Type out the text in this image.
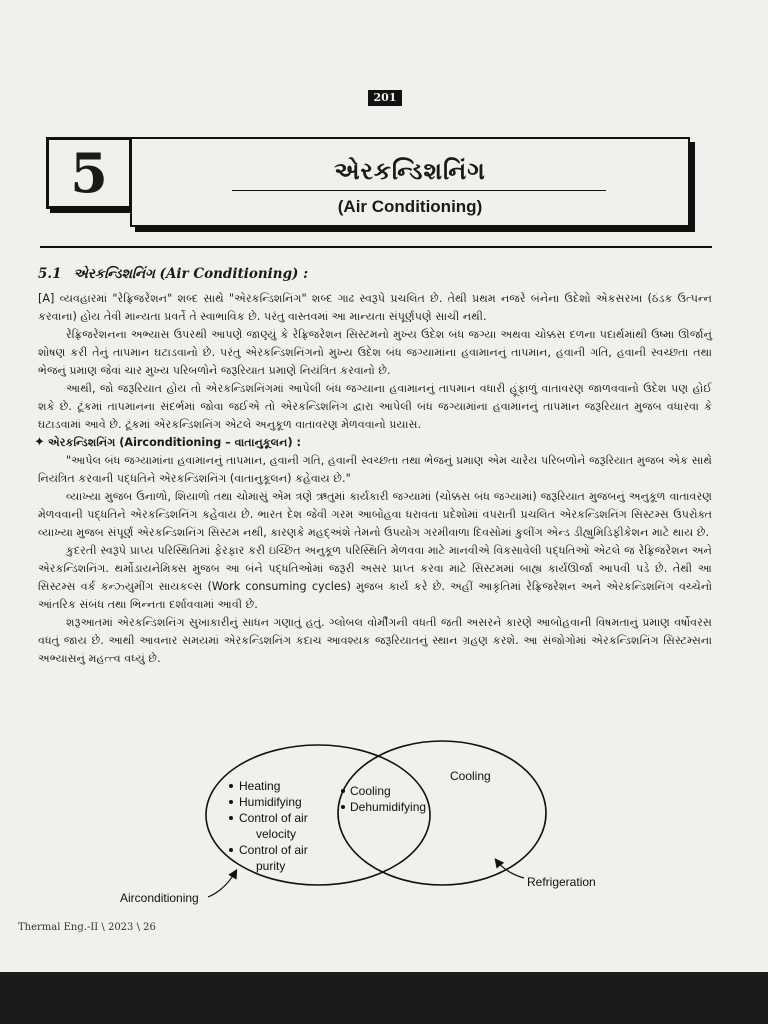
201
5	એરકન્ડિશનિંગ
(Air Conditioning)
5.1 એરકન્ડિશનિંગ (Air Conditioning) :

[A] વ્યવહારમાં "રેફ્રિજરેશન" શબ્દ સાથે "એરકન્ડિશનિંગ" શબ્દ ગાઢ સ્વરૂપે પ્રચલિત છે. તેથી પ્રથમ નજરે બંનેના ઉદેશો એકસરખા (ઠંડક ઉત્પન્ન કરવાના) હોય તેવી માન્યતા પ્રવર્તે તે સ્વાભાવિક છે. પરંતુ વાસ્તવમાં આ માન્યતા સંપૂર્ણપણે સાચી નથી.

રેફ્રિજરેશનના અભ્યાસ ઉપરથી આપણે જાણ્યું કે રેફ્રિજરેશન સિસ્ટમનો મુખ્ય ઉદેશ બંધ જગ્યા અથવા ચોક્કસ દળના પદાર્થમાંથી ઉષ્મા ઊર્જાનું શોષણ કરી તેનું તાપમાન ઘટાડવાનો છે. પરંતુ એરકન્ડિશનિંગનો મુખ્ય ઉદેશ બંધ જગ્યામાંના હવામાનનું તાપમાન, હવાની ગતિ, હવાની સ્વચ્છતા તથા ભેજનું પ્રમાણ જેવાં ચાર મુખ્ય પરિબળોને જરૂરિયાત પ્રમાણે નિયંત્રિત કરવાનો છે.

આથી, જો જરૂરિયાત હોય તો એરકન્ડિશનિંગમાં આપેલી બંધ જગ્યાના હવામાનનું તાપમાન વધારી હૂંફાળું વાતાવરણ જાળવવાનો ઉદેશ પણ હોઈ શકે છે. ટૂંકમાં તાપમાનના સંદર્ભમાં જોવા જઈએ તો એરકન્ડિશનિંગ દ્વારા આપેલી બંધ જગ્યામાંના હવામાનનું તાપમાન જરૂરિયાત મુજબ વધારવા કે ઘટાડવામાં આવે છે. ટૂંકમાં એરકન્ડિશનિંગ એટલે અનુકૂળ વાતાવરણ મેળવવાનો પ્રયાસ.

✦ એરકન્ડિશનિંગ (Airconditioning – વાતાનુકૂલન) :

"આપેલ બંધ જગ્યામાંના હવામાનનું તાપમાન, હવાની ગતિ, હવાની સ્વચ્છતા તથા ભેજનું પ્રમાણ એમ ચારેય પરિબળોને જરૂરિયાત મુજબ એક સાથે નિયંત્રિત કરવાની પદ્ધતિને એરકન્ડિશનિંગ (વાતાનુકૂલન) કહેવાય છે."

વ્યાખ્યા મુજબ ઉનાળો, શિયાળો તથા ચોમાસું એમ ત્રણે ઋતુમાં કાર્યકારી જગ્યામાં (ચોક્કસ બંધ જગ્યામાં) જરૂરિયાત મુજબનું અનુકૂળ વાતાવરણ મેળવવાની પદ્ધતિને એરકન્ડિશનિંગ કહેવાય છે. ભારત દેશ જેવી ગરમ આબોહવા ધરાવતા પ્રદેશોમાં વપરાતી પ્રચલિત એરકન્ડિશનિંગ સિસ્ટમ્સ ઉપરોક્ત વ્યાખ્યા મુજબ સંપૂર્ણ એરકન્ડિશનિંગ સિસ્ટમ નથી, કારણકે મહદ્અંશે તેમનો ઉપયોગ ગરમીવાળા દિવસોમાં કુલીંગ એન્ડ ડીહ્યુમિડિફીકેશન માટે થાય છે.

કુદરતી સ્વરૂપે પ્રાપ્ય પરિસ્થિતિમાં ફેરફાર કરી ઇચ્છિત અનુકૂળ પરિસ્થિતિ મેળવવા માટે માનવીએ વિકસાવેલી પદ્ધતિઓ એટલે જ રેફ્રિજરેશન અને એરકન્ડિશનિંગ. થર્મોડાયનેમિક્સ મુજબ આ બંને પદ્ધતિઓમાં જરૂરી અસર પ્રાપ્ત કરવા માટે સિસ્ટમમાં બાહ્ય કાર્યઊર્જા આપવી પડે છે. તેથી આ સિસ્ટમ્સ વર્ક કન્ઝ્યુમીંગ સાયકલ્સ (Work consuming cycles) મુજબ કાર્ય કરે છે. અહીં આકૃતિમાં રેફ્રિજરેશન અને એરકન્ડિશનિંગ વચ્ચેનો આંતરિક સંબંધ તથા ભિન્નતા દર્શાવવામાં આવી છે.

શરૂઆતમાં એરકન્ડિશનિંગ સુખાકારીનું સાધન ગણાતું હતું. ગ્લોબલ વોર્મીંગની વધતી જતી અસરને કારણે આબોહવાની વિષમતાનું પ્રમાણ વર્ષોવરસ વધતું જાય છે. આથી આવનાર સમયમાં એરકન્ડિશનિંગ કદાચ આવશ્યક જરૂરિયાતનું સ્થાન ગ્રહણ કરશે. આ સંજોગોમાં એરકન્ડિશનિંગ સિસ્ટમ્સના અભ્યાસનું મહત્ત્વ વધ્યું છે.

Heating
Humidifying
Control of air
velocity
Control of air
purity
Cooling
Dehumidifying
Cooling
Airconditioning
Refrigeration
Thermal Eng.-II \ 2023 \ 26
